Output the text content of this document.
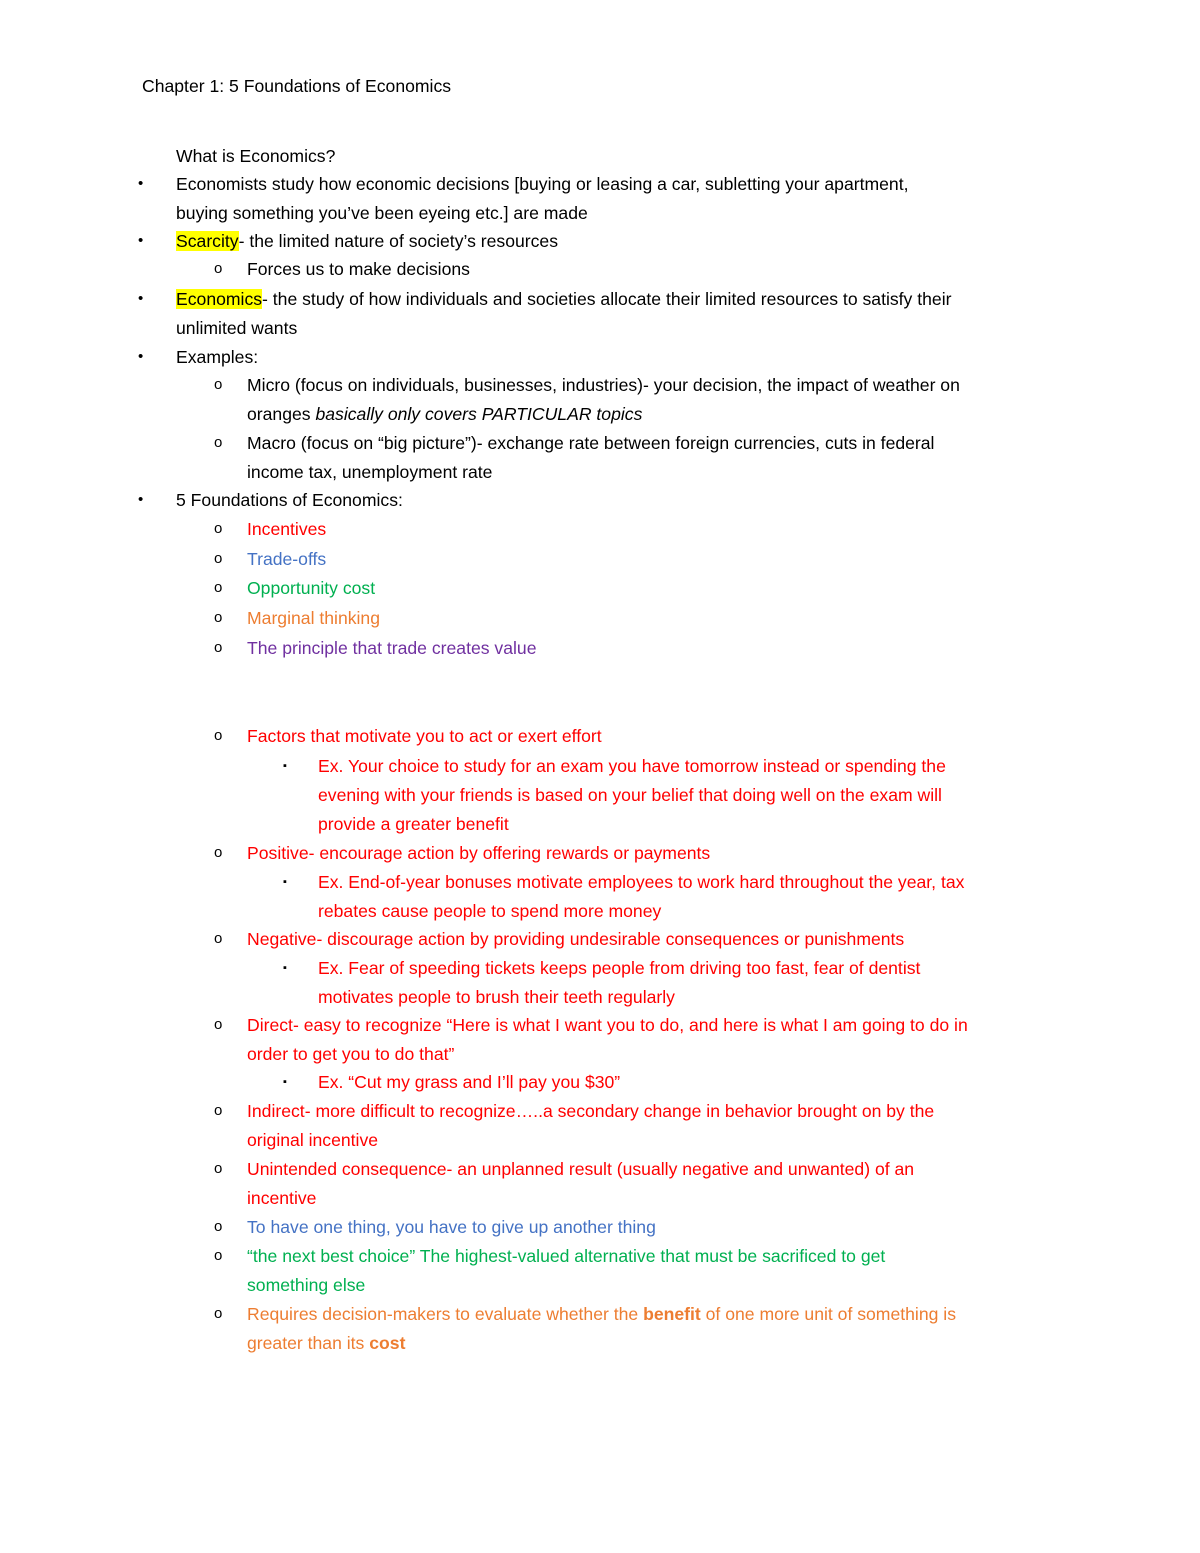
Chapter 1: 5 Foundations of Economics
What is Economics?
• Economists study how economic decisions [buying or leasing a car, subletting your apartment,
buying something you’ve been eyeing etc.] are made
• Scarcity- the limited nature of society’s resources
o Forces us to make decisions
• Economics- the study of how individuals and societies allocate their limited resources to satisfy their
unlimited wants
• Examples:
o Micro (focus on individuals, businesses, industries)- your decision, the impact of weather on
oranges basically only covers PARTICULAR topics
o Macro (focus on “big picture”)- exchange rate between foreign currencies, cuts in federal
income tax, unemployment rate
• 5 Foundations of Economics:
o Incentives
o Trade-offs
o Opportunity cost
o Marginal thinking
o The principle that trade creates value
o Factors that motivate you to act or exert effort
▪ Ex. Your choice to study for an exam you have tomorrow instead or spending the
evening with your friends is based on your belief that doing well on the exam will
provide a greater benefit
o Positive- encourage action by offering rewards or payments
▪ Ex. End-of-year bonuses motivate employees to work hard throughout the year, tax
rebates cause people to spend more money
o Negative- discourage action by providing undesirable consequences or punishments
▪ Ex. Fear of speeding tickets keeps people from driving too fast, fear of dentist
motivates people to brush their teeth regularly
o Direct- easy to recognize “Here is what I want you to do, and here is what I am going to do in
order to get you to do that”
▪ Ex. “Cut my grass and I’ll pay you $30”
o Indirect- more difficult to recognize…..a secondary change in behavior brought on by the
original incentive
o Unintended consequence- an unplanned result (usually negative and unwanted) of an
incentive
o To have one thing, you have to give up another thing
o “the next best choice” The highest-valued alternative that must be sacrificed to get
something else
o Requires decision-makers to evaluate whether the benefit of one more unit of something is
greater than its cost
